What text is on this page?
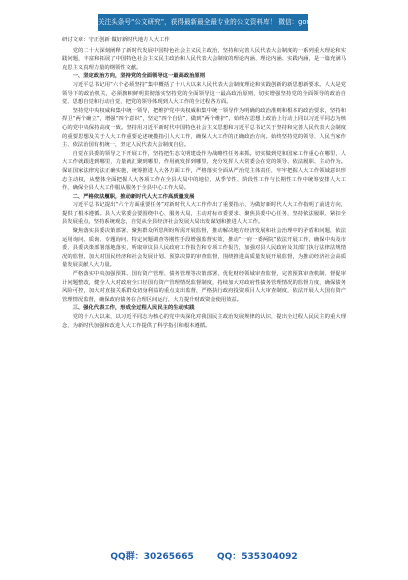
关注头条号“公文研究”，获得最新最全最专业的公文资料库！ 微信：gongwenyj

研讨文章：守正创新 做好新时代地方人大工作

党的二十大深刻阐释了新时代发展中国特色社会主义民主政治，坚持和完善人民代表大会制度的一系列重大理论和实践问题，丰富和拓展了中国特色社会主义民主政治和人民代表大会制度的理论内涵、理论内涵、实践内涵，是一篇充满马克思主义真理力量的纲领性文献。

一、坚定政治方向，坚持党的全面领导这一最高政治原则

习近平总书记用“六个必须坚持”集中概括了十八大以来人民代表大会制度理论和实践创新的新思想新要求。人大是党领导下的政治机关，必须旗帜鲜明贯彻落实坚持党的全面领导这一最高政治原则，切实增强坚持党的全面领导的政治自觉、思想自觉和行动自觉，把党的领导体现到人大工作的全过程各方面。

坚持党中央权威和集中统一领导，把维护党中央权威和集中统一领导作为明确的政治准则和根本的政治要求，坚持和捍卫“两个确立”，增强“四个意识”，坚定“四个自信”，做到“两个维护”，始终在思想上政治上行动上同以习近平同志为核心的党中央保持高度一致。坚持用习近平新时代中国特色社会主义思想和习近平总书记关于坚持和完善人民代表大会制度的重要思想及关于人大工作重要论述统揽指引人大工作，确保人大工作的正确政治方向。始终坚持党的领导、人民当家作主、依法治国有机统一，坚定人民代表大会制度自信。

自觉在县委的领导之下开展工作，坚持把生态文明建设作为战略性任务来抓。切实做到党和国家工作重心在哪里，人大工作就跟进到哪里，力量就汇聚到哪里，作用就发挥到哪里，充分发挥人大常委会在党的领导、依法履职、主动作为。保证国家法律宪法正确实施，统筹推进人大各方面工作，严格落实全面从严治党主体责任，牢牢把握人大工作领域意识形态主动权，从整体全面把握人大各项工作在全县大局中的地位，从季节性、阶段性工作与长期性工作中统筹安排人大工作，确保全县人大工作服从服务于全县中心工作大局。

二、严格依法履职，推动新时代人大工作高质量发展

习近平总书记提出“六个方面重要任务”对新时代人大工作作出了重要指示，为做好新时代人大工作指明了前进方向，提供了根本遵循。县人大常委会要围绕中心、服务大局，主动对标市委要求、聚焦县委中心任务，坚持依法履职、紧扣全县发展重点，坚持系统观念，自觉从全县经济社会发展大局出发谋划和推进人大工作。

聚焦落实县委决策部署、聚焦群众所思所盼所需开展监督，推动解决地方经济发展和社会治理中的矛盾和问题，依法运用询问、质询、专题询问、特定问题调查等刚性手段增强监督实效，推动“一府一委两院”依法开展工作，确保中央及市委、县委决策部署落地落实，听取审议县人民政府工作报告和专项工作报告，加强对县人民政府及其部门执行法律法规情况的监督，加大对国民经济和社会发展计划、预算决算的审查监督，围绕推进高质量发展开展监督，为推动经济社会高质量发展贡献人大力量。

严格落实中央加强预算、国有资产管理、债务管理等决策部署，优化财经领域审查监督，完善预算审查机制、督促审计问题整改，健全人大对政府全口径国有资产管理情况监督制度，持续加大对政府性债务管理情况的监督力度，确保债务风险可控，加大对直接关系群众切身利益的重点支出监督，严格执行政府投资项目人大审查制度，依法开展人大国有资产管理情况监督，确保政府债务在合理区间运行，大力提升财政资金使用效益。

三、强化代表工作，形成全过程人民民主的生动实践

党的十八大以来，以习近平同志为核心的党中央深化对我国民主政治发展规律的认识，提出全过程人民民主的重大理念，为新时代加强和改进人大工作提供了科学指引和根本遵循。

QQ群：30265665	QQ：535304092
